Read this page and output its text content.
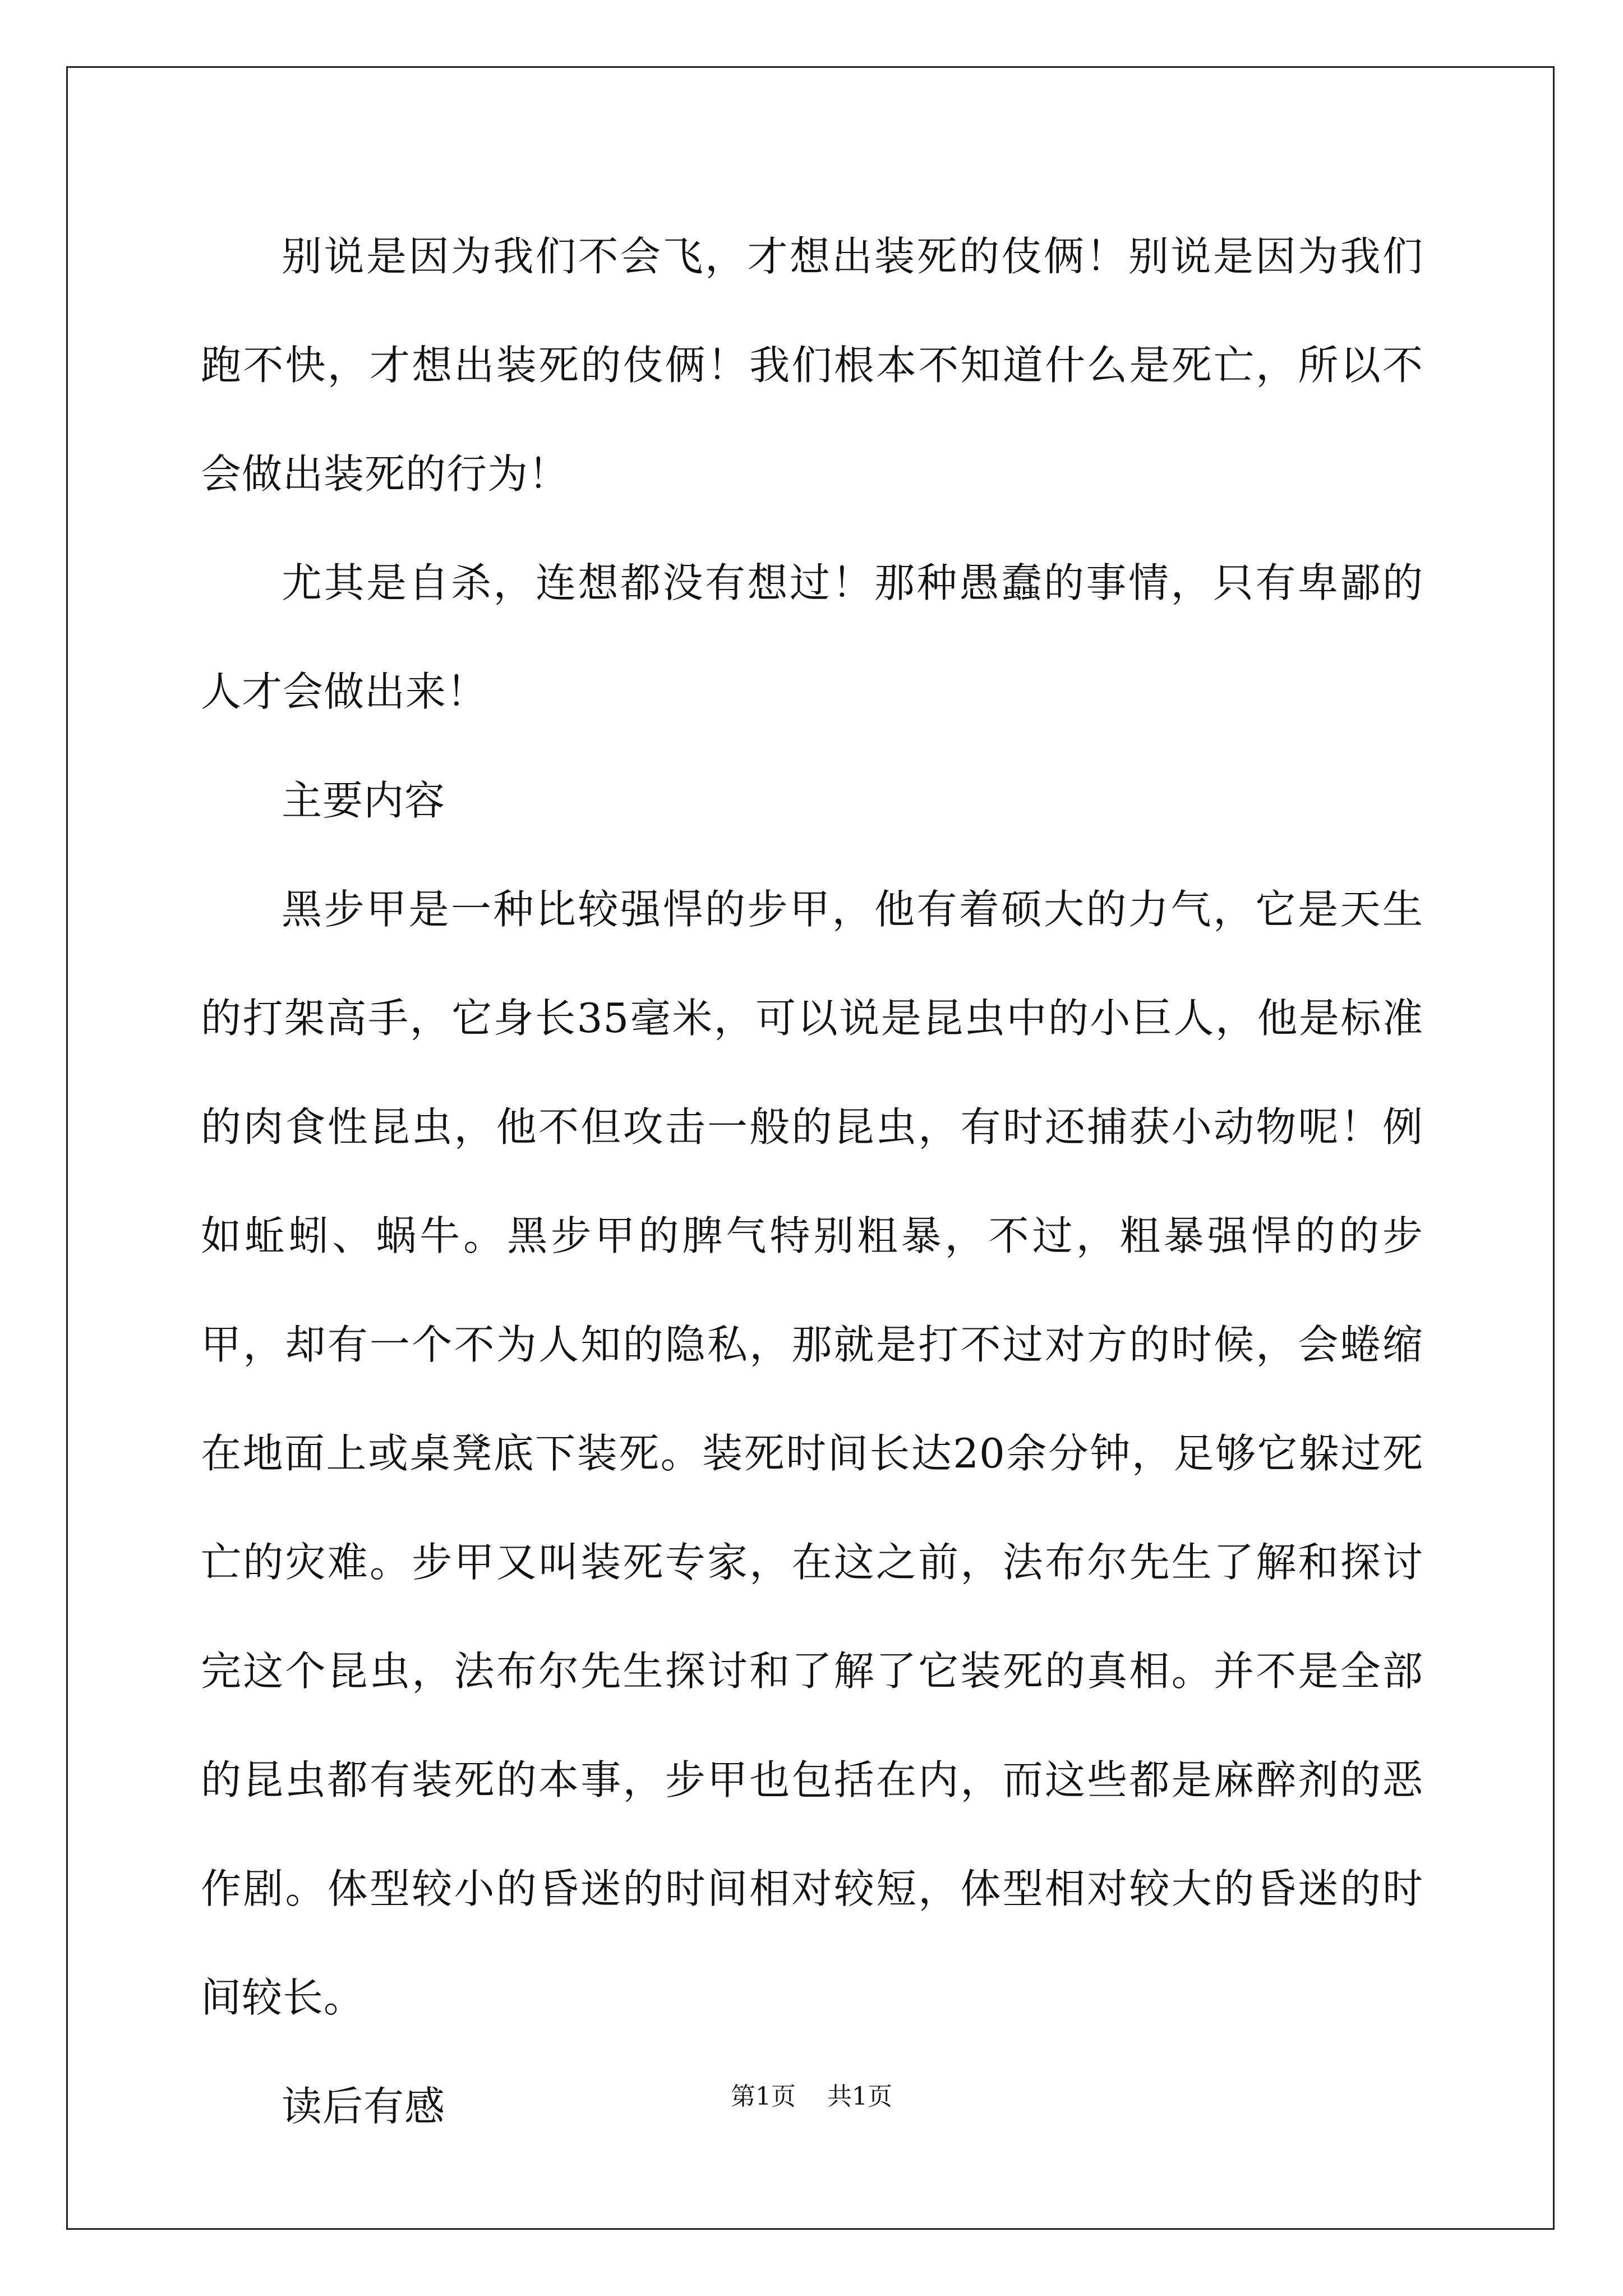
别说是因为我们不会飞，才想出装死的伎俩！别说是因为我们跑不快，才想出装死的伎俩！我们根本不知道什么是死亡，所以不会做出装死的行为！

尤其是自杀，连想都没有想过！那种愚蠢的事情，只有卑鄙的人才会做出来！

主要内容

黑步甲是一种比较强悍的步甲，他有着硕大的力气，它是天生的打架高手，它身长35毫米，可以说是昆虫中的小巨人，他是标准的肉食性昆虫，他不但攻击一般的昆虫，有时还捕获小动物呢！例如蚯蚓、蜗牛。黑步甲的脾气特别粗暴，不过，粗暴强悍的的步甲，却有一个不为人知的隐私，那就是打不过对方的时候，会蜷缩在地面上或桌凳底下装死。装死时间长达20余分钟，足够它躲过死亡的灾难。步甲又叫装死专家，在这之前，法布尔先生了解和探讨完这个昆虫，法布尔先生探讨和了解了它装死的真相。并不是全部的昆虫都有装死的本事，步甲也包括在内，而这些都是麻醉剂的恶作剧。体型较小的昏迷的时间相对较短，体型相对较大的昏迷的时间较长。

读后有感	第1页 共1页
